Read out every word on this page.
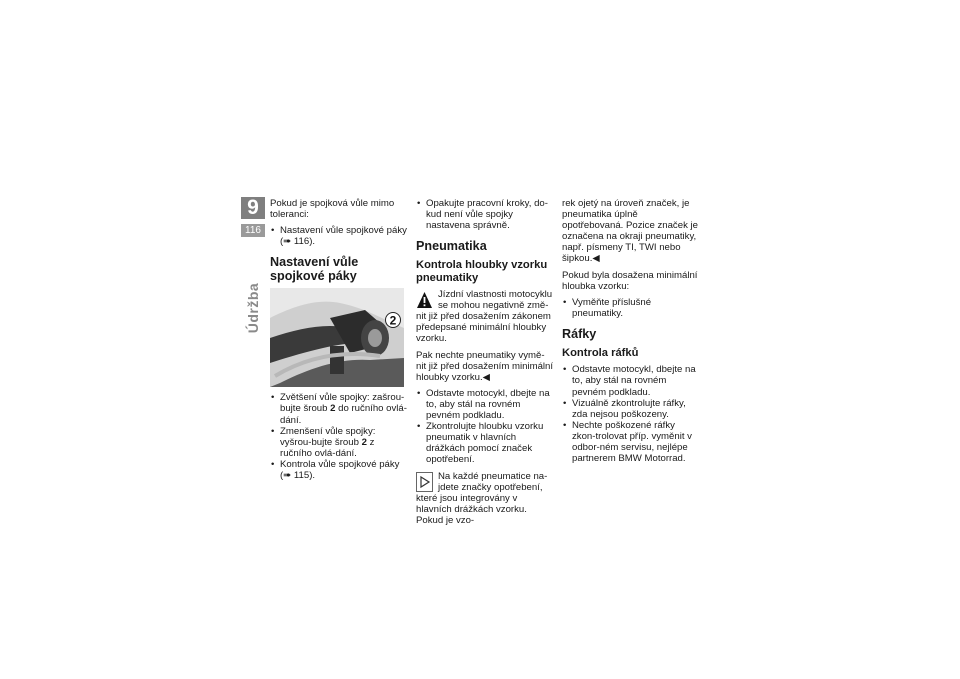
9
116
Údržba

Pokud je spojková vůle mimo toleranci:

• Nastavení vůle spojkové páky (➠ 116).
Nastavení vůle spojkové páky
2
• Zvětšení vůle spojky: zašrou-bujte šroub 2 do ručního ovlá-dání.
• Zmenšení vůle spojky: vyšrou-bujte šroub 2 z ručního ovlá-dání.
• Kontrola vůle spojkové páky (➠ 115).
• Opakujte pracovní kroky, do-kud není vůle spojky nastavena správně.
Pneumatika
Kontrola hloubky vzorku pneumatiky

Jízdní vlastnosti motocyklu se mohou negativně změ-nit již před dosažením zákonem předepsané minimální hloubky vzorku.

Pak nechte pneumatiky vymě-nit již před dosažením minimální hloubky vzorku.◀

• Odstavte motocykl, dbejte na to, aby stál na rovném pevném podkladu.
• Zkontrolujte hloubku vzorku pneumatik v hlavních drážkách pomocí značek opotřebení.

Na každé pneumatice na-jdete značky opotřebení, které jsou integrovány v hlavních drážkách vzorku. Pokud je vzo-

rek ojetý na úroveň značek, je pneumatika úplně opotřebovaná. Pozice značek je označena na okraji pneumatiky, např. písmeny TI, TWI nebo šipkou.◀

Pokud byla dosažena minimální hloubka vzorku:

• Vyměňte příslušné pneumatiky.
Ráfky
Kontrola ráfků
• Odstavte motocykl, dbejte na to, aby stál na rovném pevném podkladu.
• Vizuálně zkontrolujte ráfky, zda nejsou poškozeny.
• Nechte poškozené ráfky zkon-trolovat příp. vyměnit v odbor-ném servisu, nejlépe partnerem BMW Motorrad.
